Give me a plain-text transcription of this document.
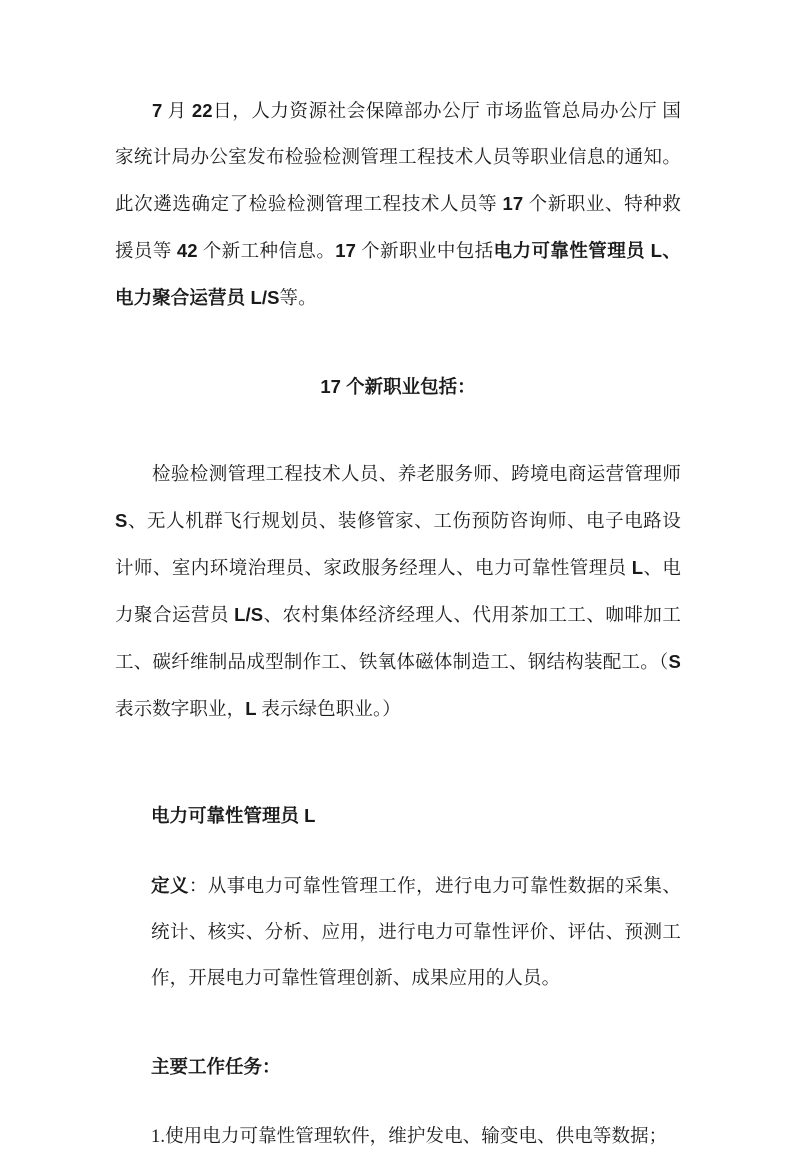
7 月 22日，人力资源社会保障部办公厅 市场监管总局办公厅 国家统计局办公室发布检验检测管理工程技术人员等职业信息的通知。此次遴选确定了检验检测管理工程技术人员等 17 个新职业、特种救援员等 42 个新工种信息。17 个新职业中包括电力可靠性管理员 L、电力聚合运营员 L/S等。

17 个新职业包括：

检验检测管理工程技术人员、养老服务师、跨境电商运营管理师 S、无人机群飞行规划员、装修管家、工伤预防咨询师、电子电路设计师、室内环境治理员、家政服务经理人、电力可靠性管理员 L、电力聚合运营员 L/S、农村集体经济经理人、代用茶加工工、咖啡加工工、碳纤维制品成型制作工、铁氧体磁体制造工、钢结构装配工。（S 表示数字职业，L 表示绿色职业。）

电力可靠性管理员 L

定义：从事电力可靠性管理工作，进行电力可靠性数据的采集、统计、核实、分析、应用，进行电力可靠性评价、评估、预测工作，开展电力可靠性管理创新、成果应用的人员。

主要工作任务：

1.使用电力可靠性管理软件，维护发电、输变电、供电等数据；
